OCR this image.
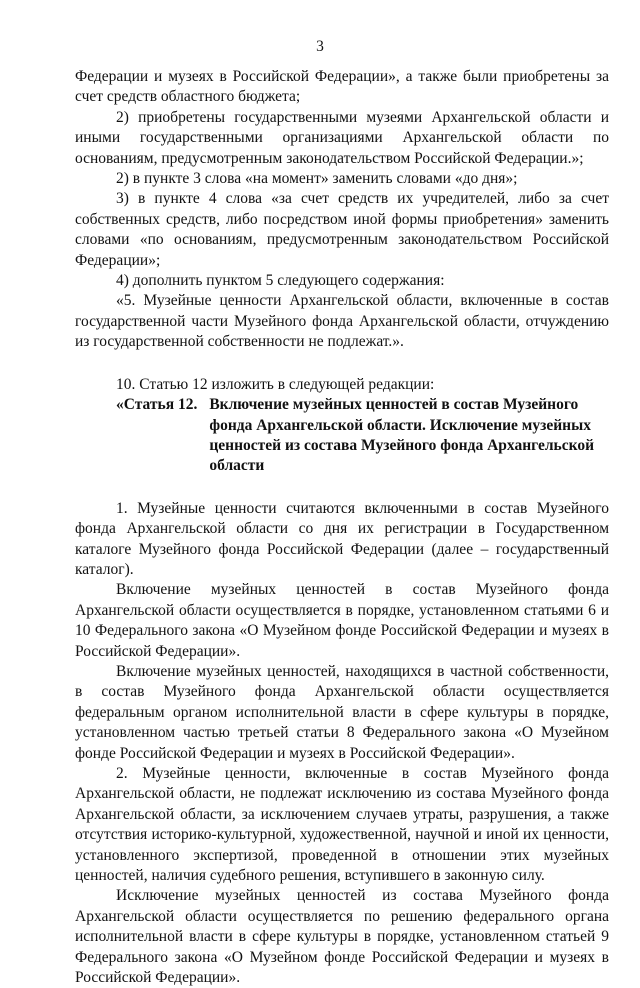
3

Федерации и музеях в Российской Федерации», а также были приобретены за счет средств областного бюджета;

2) приобретены государственными музеями Архангельской области и иными государственными организациями Архангельской области по основаниям, предусмотренным законодательством Российской Федерации.»;

2) в пункте 3 слова «на момент» заменить словами «до дня»;

3) в пункте 4 слова «за счет средств их учредителей, либо за счет собственных средств, либо посредством иной формы приобретения» заменить словами «по основаниям, предусмотренным законодательством Российской Федерации»;

4) дополнить пунктом 5 следующего содержания:

«5. Музейные ценности Архангельской области, включенные в состав государственной части Музейного фонда Архангельской области, отчуждению из государственной собственности не подлежат.».

10. Статью 12 изложить в следующей редакции:

«Статья 12. Включение музейных ценностей в состав Музейного фонда Архангельской области. Исключение музейных ценностей из состава Музейного фонда Архангельской области

1. Музейные ценности считаются включенными в состав Музейного фонда Архангельской области со дня их регистрации в Государственном каталоге Музейного фонда Российской Федерации (далее – государственный каталог).

Включение музейных ценностей в состав Музейного фонда Архангельской области осуществляется в порядке, установленном статьями 6 и 10 Федерального закона «О Музейном фонде Российской Федерации и музеях в Российской Федерации».

Включение музейных ценностей, находящихся в частной собственности, в состав Музейного фонда Архангельской области осуществляется федеральным органом исполнительной власти в сфере культуры в порядке, установленном частью третьей статьи 8 Федерального закона «О Музейном фонде Российской Федерации и музеях в Российской Федерации».

2. Музейные ценности, включенные в состав Музейного фонда Архангельской области, не подлежат исключению из состава Музейного фонда Архангельской области, за исключением случаев утраты, разрушения, а также отсутствия историко-культурной, художественной, научной и иной их ценности, установленного экспертизой, проведенной в отношении этих музейных ценностей, наличия судебного решения, вступившего в законную силу.

Исключение музейных ценностей из состава Музейного фонда Архангельской области осуществляется по решению федерального органа исполнительной власти в сфере культуры в порядке, установленном статьей 9 Федерального закона «О Музейном фонде Российской Федерации и музеях в Российской Федерации».
